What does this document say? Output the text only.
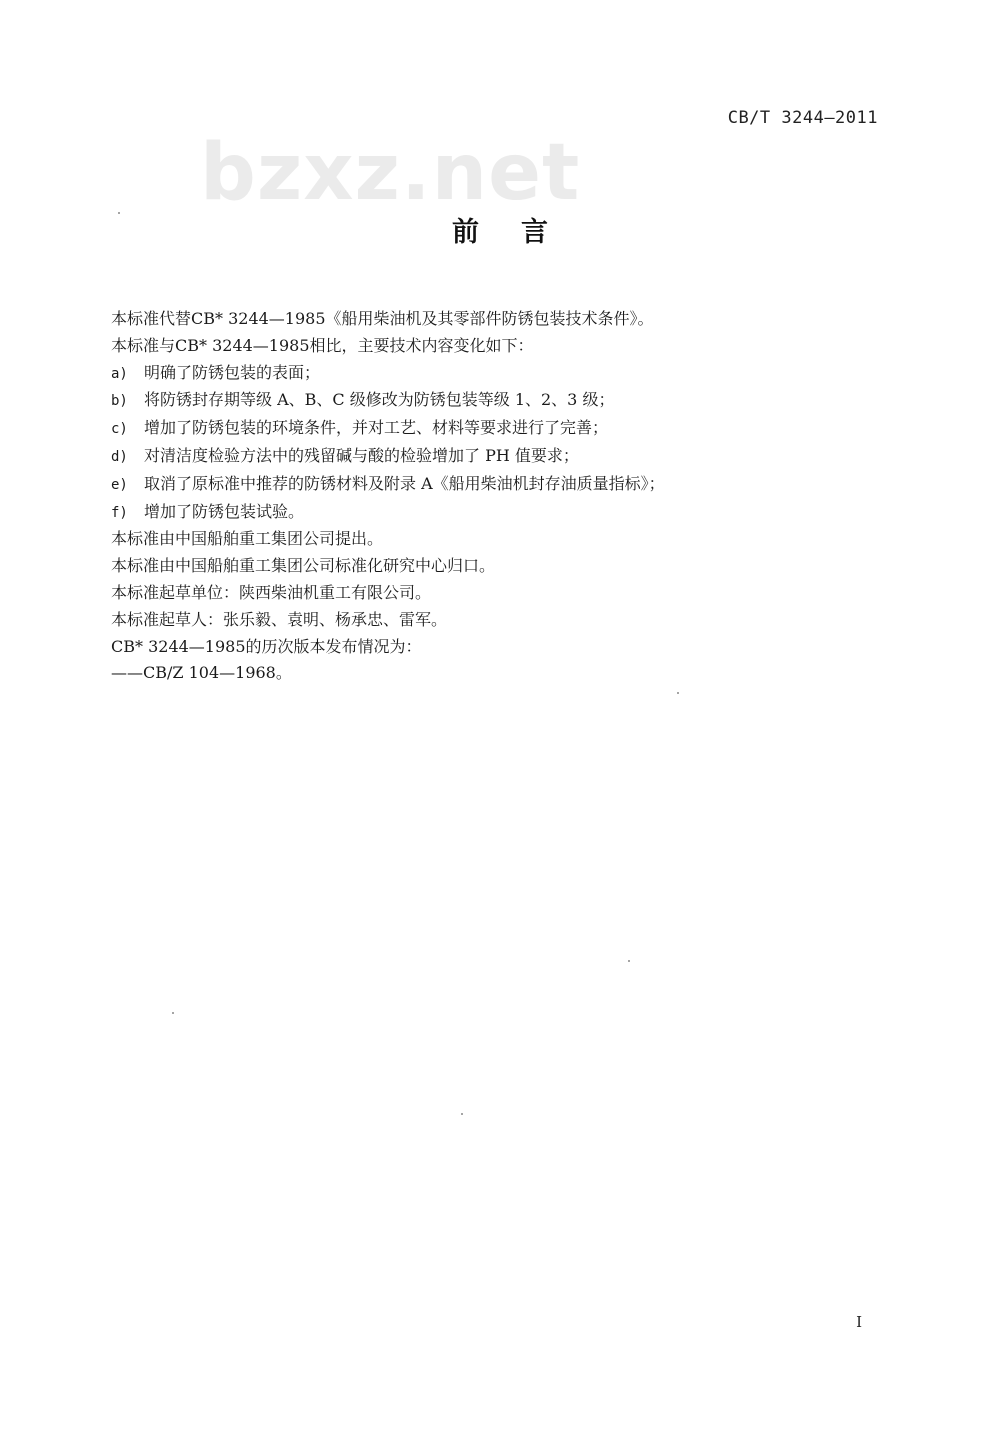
CB/T 3244—2011
bzxz.net
前言
本标准代替CB* 3244—1985《船用柴油机及其零部件防锈包装技术条件》。
本标准与CB* 3244—1985相比，主要技术内容变化如下：
a) 明确了防锈包装的表面；
b) 将防锈封存期等级 A、B、C 级修改为防锈包装等级 1、2、3 级；
c) 增加了防锈包装的环境条件，并对工艺、材料等要求进行了完善；
d) 对清洁度检验方法中的残留碱与酸的检验增加了 PH 值要求；
e) 取消了原标准中推荐的防锈材料及附录 A《船用柴油机封存油质量指标》；
f) 增加了防锈包装试验。
本标准由中国船舶重工集团公司提出。
本标准由中国船舶重工集团公司标准化研究中心归口。
本标准起草单位：陕西柴油机重工有限公司。
本标准起草人：张乐毅、袁明、杨承忠、雷军。
CB* 3244—1985的历次版本发布情况为：
——CB/Z 104—1968。
I
